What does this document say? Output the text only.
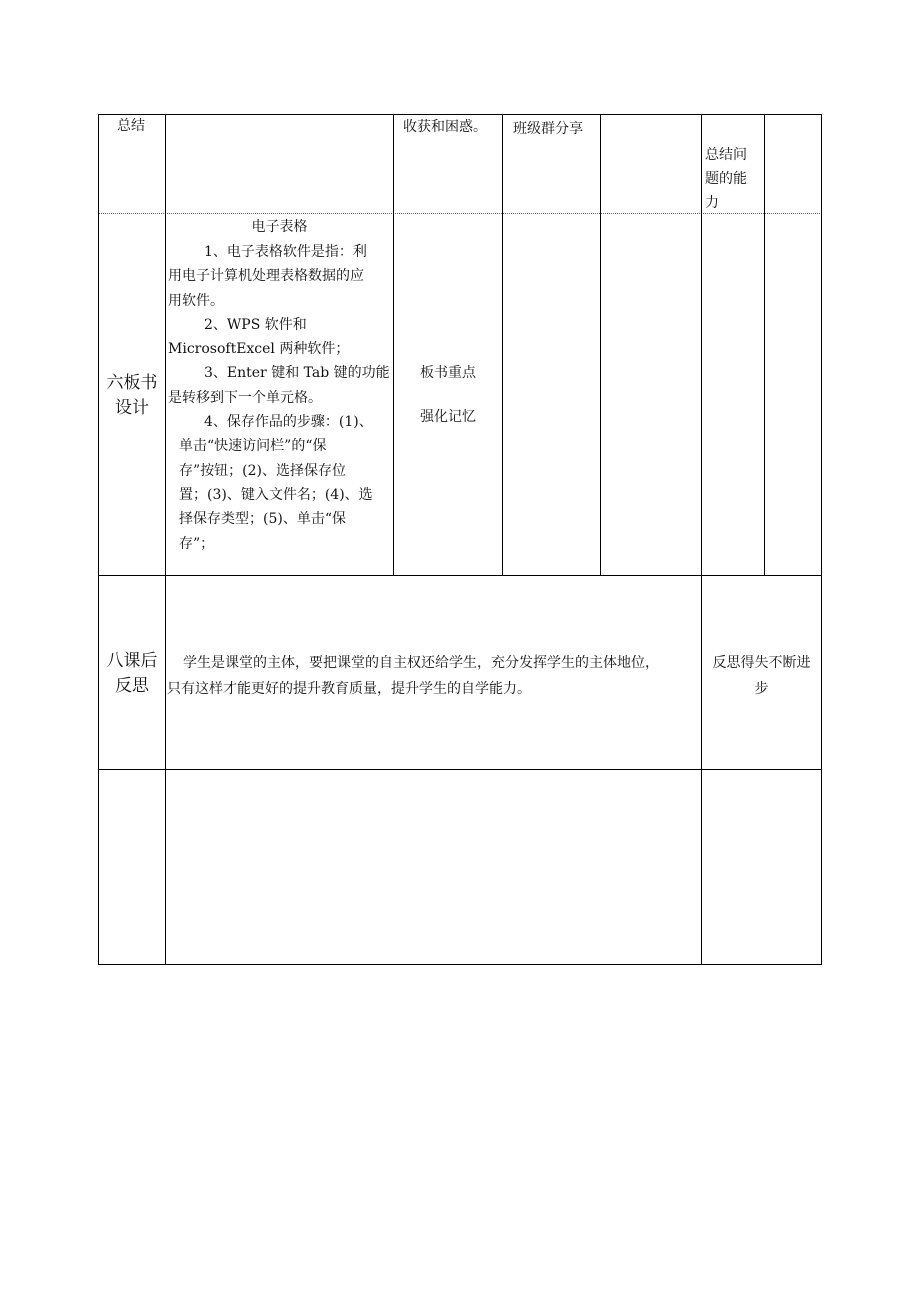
总结	收获和困惑。 班级群分享
总结问
题的能
力
六板书
设计
电子表格
1、电子表格软件是指：利
用电子计算机处理表格数据的应
用软件。
2、WPS 软件和
MicrosoftExcel 两种软件；
3、Enter 键和 Tab 键的功能
是转移到下一个单元格。
4、保存作品的步骤：(1)、
单击“快速访问栏”的“保
存”按钮；(2)、选择保存位
置；(3)、键入文件名；(4)、选
择保存类型；(5)、单击“保
存”；
板书重点
强化记忆
八课后
反思
学生是课堂的主体，要把课堂的自主权还给学生，充分发挥学生的主体地位，
只有这样才能更好的提升教育质量，提升学生的自学能力。
反思得失不断进
步
